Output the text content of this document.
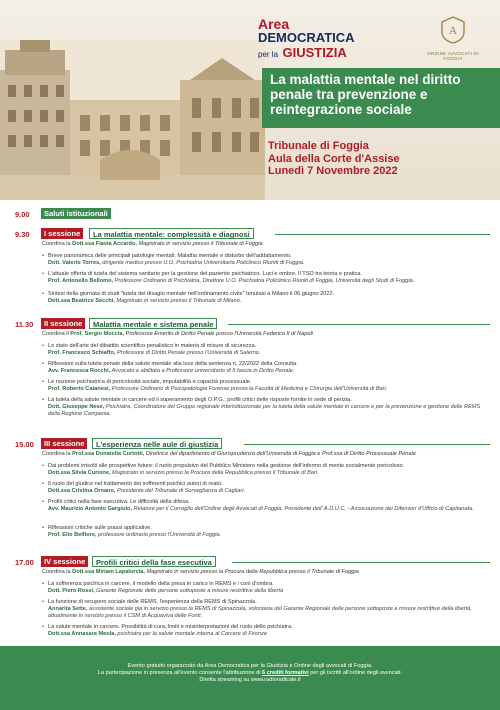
Area
DEMOCRATICA
per la GIUSTIZIA
A
ORDINE AVVOCATI DI FOGGIA
La malattia mentale nel diritto penale tra prevenzione e reintegrazione sociale
Tribunale di Foggia
Aula della Corte d'Assise
Lunedì 7 Novembre 2022
9.00	Saluti istituzionali
9.30	I sessione	La malattia mentale: complessità e diagnosi
Coordina la Dott.ssa Flavia Accardo, Magistrato in servizio presso il Tribunale di Foggia
• Breve panoramica delle principali patologie mentali; Malattia mentale e disturbo dell'addattamento.
Dott. Valerio Torres, dirigente medico presso U.O. Psichiatria Universitaria Policlinico Riuniti di Foggia.
• L'attuale offerta di tutela del sistema sanitario per la gestione del paziente psichiatrico. Luci e ombre. Il TSO tra teoria e pratica.
Prof. Antonello Bellomo, Professore Ordinario di Psichiatria, Direttore U.O. Psichiatria Policlinico Riuniti di Foggia, Università degli Studi di Foggia.
• Sintesi della giornata di studi "tutela del disagio mentale nell'ordinamento civile" tenutasi a Milano il 06 giugno 2022.
Dott.ssa Beatrice Secchi, Magistrato in servizio presso il Tribunale di Milano.
11.30	II sessione	Malattia mentale e sistema penale
Coordina il Prof. Sergio Moccia, Professore Emerito di Diritto Penale presso l'Università Federico II di Napoli
• Lo stato dell'arte del dibattito scientifico penalistico in materia di misure di sicurezza.
Prof. Francesco Schiaffo, Professore di Diritto Penale presso l'Università di Salerno.
• Riflessioni sulla tutela penale della salute mentale alla luce della sentenza n. 22/2022 della Consulta.
Avv. Francesca Rocchi, Avvocato e abilitata a Professore universitario di II fascia in Diritto Penale.
• Le nozione psichiatrica di pericolosità sociale, imputabilità e capacità processuale.
Prof. Roberto Catanesi, Professore Ordinario di Psicopatologia Forense presso la Facoltà di Medicina e Chirurgia dell'Università di Bari.
• La tutela della salute mentale in carcere ed il superamento degli O.P.G.: profili critici delle risposte fornite in sede di perizia.
Dott. Giuseppe Nese, Psichiatra, Coordinatore del Gruppo regionale interistituzionale per la tutela della salute mentale in carcere e per la prevenzione e gestione delle REMS della Regione Campania.
15.00	III sessione	L'esperienza nelle aule di giustizia
Coordina la Prof.ssa Donatella Curtotti, Direttrice del dipartimento di Giurisprudenza dell'Università di Foggia e Prof.ssa di Diritto Processuale Penale
• Dai problemi irrisolti alle prospettive future: il ruolo propulsivo del Pubblico Ministero nella gestione dell'infermo di mente socialmente pericoloso.
Dott.ssa Silvia Curione, Magistrato in servizio presso la Procura della Repubblica presso il Tribunale di Bari.
• Il ruolo del giudice nel trattamento dei sofferenti psichici autori di reato.
Dott.ssa Cristina Ornano, Presidente del Tribunale di Sorveglianza di Cagliari.
• Profili critici nella fase esecutiva. Le difficoltà della difesa.
Avv. Maurizio Antonio Gargiulo, Relatore per il Consiglio dell'Ordine degli Avvocati di Foggia, Presidente dell' A.D.U.C. - Associazione dei Difensori d'Ufficio di Capitanata.
• Riflessioni critiche sulle prassi applicative.
Prof. Elio Belfiore, professore ordinario presso l'Università di Foggia.
17.00	IV sessione	Profili critici della fase esecutiva
Coordina la Dott.ssa Miriam Lapalorcia, Magistrato in servizio presso la Procura della Repubblica presso il Tribunale di Foggia
• La sofferenza psichica in carcere, il modello della presa in carico in REMS e i coni d'ombra.
Dott. Piero Rossi, Garante Regionale delle persone sottoposte a misure restrittive della libertà
• La funzione di recupero sociale delle REMS, l'esperienza della REMS di Spinazzola.
Annarita Sette, assistente sociale già in servizio presso la REMS di Spinazzola, volontaria del Garante Regionale delle persone sottoposte a misure restrittive della libertà, attualmente in servizio presso il CSM di Acquaviva delle Fonti.
• La salute mentale in carcere. Possibilità di cura, limiti e misinterpretazioni del ruolo dello psichiatra.
Dott.ssa Annasara Meola, psichiatra per la salute mentale interna al Carcere di Firenze
Evento gratuito organizzato da Area Democratica per la Giustizia e Ordine degli avvocati di Foggia.
La partecipazione in presenza all'evento consente l'attribuzione di 6 crediti formativi per gli iscritti all'ordine degli avvocati.
Diretta streaming su www.radioradicale.it
